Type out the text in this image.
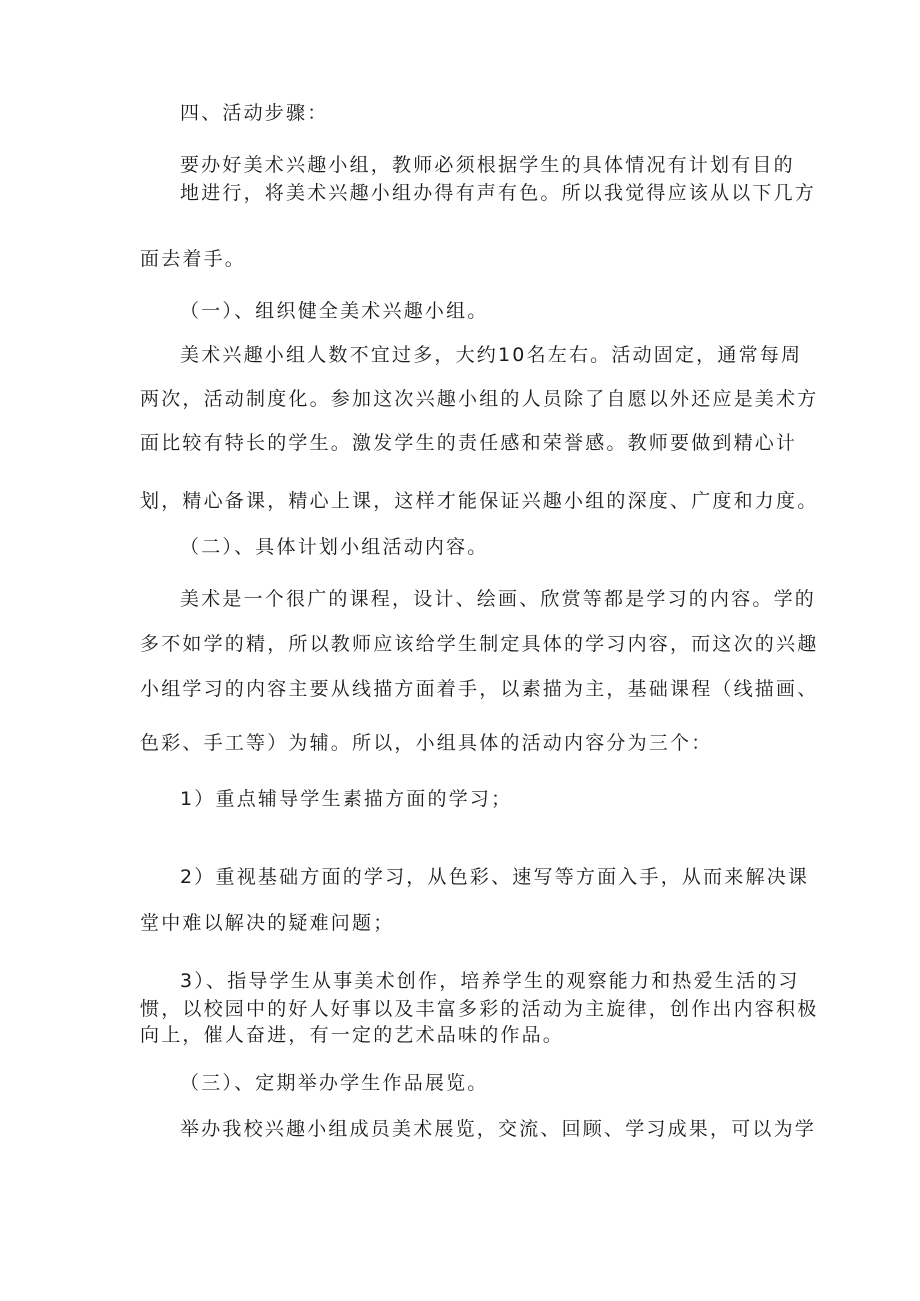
四、活动步骤：

要办好美术兴趣小组，教师必须根据学生的具体情况有计划有目的

地进行，将美术兴趣小组办得有声有色。所以我觉得应该从以下几方

面去着手。

（一）、组织健全美术兴趣小组。

美术兴趣小组人数不宜过多，大约10名左右。活动固定，通常每周

两次，活动制度化。参加这次兴趣小组的人员除了自愿以外还应是美术方

面比较有特长的学生。激发学生的责任感和荣誉感。教师要做到精心计

划，精心备课，精心上课，这样才能保证兴趣小组的深度、广度和力度。

（二）、具体计划小组活动内容。

美术是一个很广的课程，设计、绘画、欣赏等都是学习的内容。学的

多不如学的精，所以教师应该给学生制定具体的学习内容，而这次的兴趣

小组学习的内容主要从线描方面着手，以素描为主，基础课程（线描画、

色彩、手工等）为辅。所以，小组具体的活动内容分为三个：

1）重点辅导学生素描方面的学习；

2）重视基础方面的学习，从色彩、速写等方面入手，从而来解决课

堂中难以解决的疑难问题；

3）、指导学生从事美术创作，培养学生的观察能力和热爱生活的习

惯，以校园中的好人好事以及丰富多彩的活动为主旋律，创作出内容积极

向上，催人奋进，有一定的艺术品味的作品。

（三）、定期举办学生作品展览。

举办我校兴趣小组成员美术展览，交流、回顾、学习成果，可以为学
